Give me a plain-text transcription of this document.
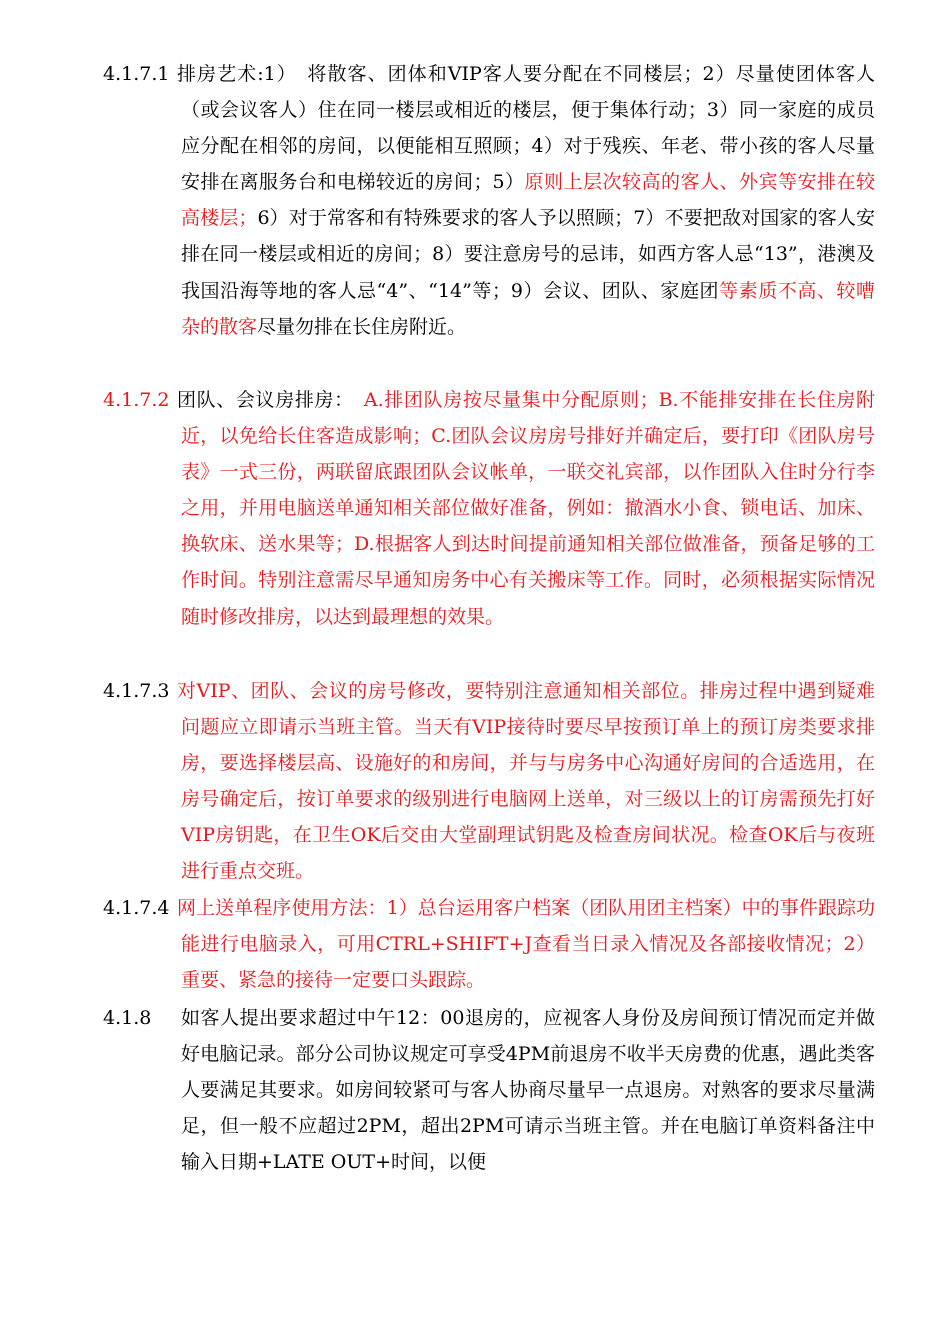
4.1.7.1 排房艺术:1）　将散客、团体和VIP客人要分配在不同楼层；2）尽量使团体客人（或会议客人）住在同一楼层或相近的楼层，便于集体行动；3）同一家庭的成员应分配在相邻的房间，以便能相互照顾；4）对于残疾、年老、带小孩的客人尽量安排在离服务台和电梯较近的房间；5）原则上层次较高的客人、外宾等安排在较高楼层；6）对于常客和有特殊要求的客人予以照顾；7）不要把敌对国家的客人安排在同一楼层或相近的房间；8）要注意房号的忌讳，如西方客人忌“13”，港澳及我国沿海等地的客人忌“4”、“14”等；9）会议、团队、家庭团等素质不高、较嘈杂的散客尽量勿排在长住房附近。
4.1.7.2 团队、会议房排房：　A.排团队房按尽量集中分配原则；B.不能排安排在长住房附近，以免给长住客造成影响；C.团队会议房房号排好并确定后，要打印《团队房号表》一式三份，两联留底跟团队会议帐单，一联交礼宾部，以作团队入住时分行李之用，并用电脑送单通知相关部位做好准备，例如：撤酒水小食、锁电话、加床、换软床、送水果等；D.根据客人到达时间提前通知相关部位做准备，预备足够的工作时间。特别注意需尽早通知房务中心有关搬床等工作。同时，必须根据实际情况随时修改排房，以达到最理想的效果。
4.1.7.3 对VIP、团队、会议的房号修改，要特别注意通知相关部位。排房过程中遇到疑难问题应立即请示当班主管。当天有VIP接待时要尽早按预订单上的预订房类要求排房，要选择楼层高、设施好的和房间，并与与房务中心沟通好房间的合适选用，在房号确定后，按订单要求的级别进行电脑网上送单，对三级以上的订房需预先打好VIP房钥匙，在卫生OK后交由大堂副理试钥匙及检查房间状况。检查OK后与夜班进行重点交班。
4.1.7.4 网上送单程序使用方法：1）总台运用客户档案（团队用团主档案）中的事件跟踪功能进行电脑录入，可用CTRL+SHIFT+J查看当日录入情况及各部接收情况；2）重要、紧急的接待一定要口头跟踪。
4.1.8 如客人提出要求超过中午12：00退房的，应视客人身份及房间预订情况而定并做好电脑记录。部分公司协议规定可享受4PM前退房不收半天房费的优惠，遇此类客人要满足其要求。如房间较紧可与客人协商尽量早一点退房。对熟客的要求尽量满足，但一般不应超过2PM，超出2PM可请示当班主管。并在电脑订单资料备注中输入日期+LATE OUT+时间，以便
